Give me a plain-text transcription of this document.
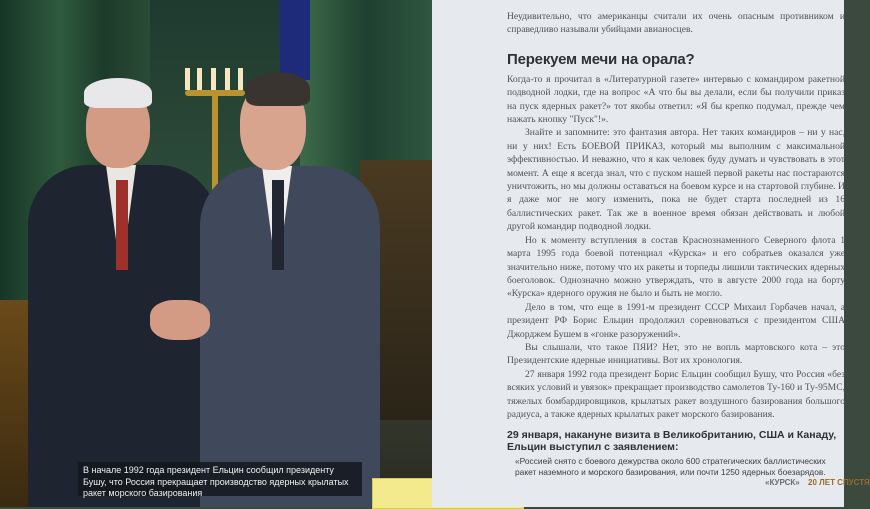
В начале 1992 года президент Ельцин сообщил президенту Бушу, что Россия прекращает производство ядерных крылатых ракет морского базирования

Неудивительно, что американцы считали их очень опасным противником и справедливо называли убийцами авианосцев.

Перекуем мечи на орала?

Когда-то я прочитал в «Литературной газете» интервью с командиром ракетной подводной лодки, где на вопрос «А что бы вы делали, если бы получили приказ на пуск ядерных ракет?» тот якобы ответил: «Я бы крепко подумал, прежде чем нажать кнопку "Пуск"!».

Знайте и запомните: это фантазия автора. Нет таких командиров – ни у нас, ни у них! Есть БОЕВОЙ ПРИКАЗ, который мы выполним с максимальной эффективностью. И неважно, что я как человек буду думать и чувствовать в этот момент. А еще я всегда знал, что с пуском нашей первой ракеты нас постараются уничтожить, но мы должны оставаться на боевом курсе и на стартовой глубине. И я даже мог не могу изменить, пока не будет старта последней из 16 баллистических ракет. Так же в военное время обязан действовать и любой другой командир подводной лодки.

Но к моменту вступления в состав Краснознаменного Северного флота 1 марта 1995 года боевой потенциал «Курска» и его собратьев оказался уже значительно ниже, потому что их ракеты и торпеды лишили тактических ядерных боеголовок. Однозначно можно утверждать, что в августе 2000 года на борту «Курска» ядерного оружия не было и быть не могло.

Дело в том, что еще в 1991-м президент СССР Михаил Горбачев начал, а президент РФ Борис Ельцин продолжил соревноваться с президентом США Джорджем Бушем в «гонке разоружений».

Вы слышали, что такое ПЯИ? Нет, это не вопль мартовского кота – это Президентские ядерные инициативы. Вот их хронология.

27 января 1992 года президент Борис Ельцин сообщил Бушу, что Россия «без всяких условий и увязок» прекращает производство самолетов Ту-160 и Ту-95МС, тяжелых бомбардировщиков, крылатых ракет воздушного базирования большого радиуса, а также ядерных крылатых ракет морского базирования.

29 января, накануне визита в Великобританию, США и Канаду, Ельцин выступил с заявлением:

«Россией снято с боевого дежурства около 600 стратегических баллистических ракет наземного и морского базирования, или почти 1250 ядерных боезарядов.

«КУРСК» 20 ЛЕТ СПУСТЯ
